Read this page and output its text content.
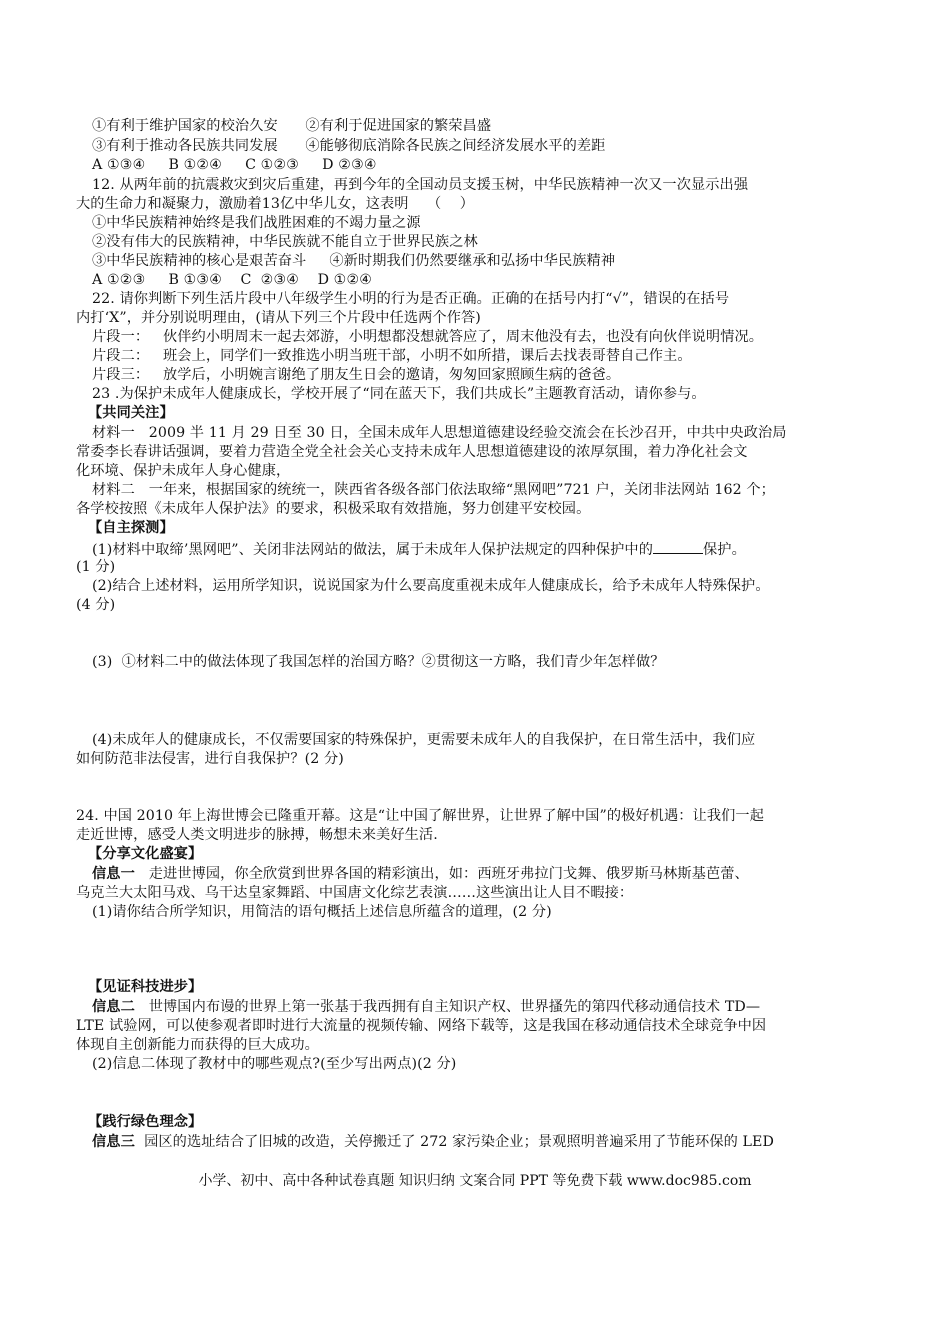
①有利于维护国家的校治久安      ②有利于促进国家的繁荣昌盛
③有利于推动各民族共同发展      ④能够彻底消除各民族之间经济发展水平的差距
A ①③④     B ①②④     C ①②③     D ②③④
12. 从两年前的抗震救灾到灾后重建，再到今年的全国动员支援玉树，中华民族精神一次又一次显示出强
大的生命力和凝聚力，激励着13亿中华儿女，这表明    （    ）
①中华民族精神始终是我们战胜困难的不竭力量之源
②没有伟大的民族精神，中华民族就不能自立于世界民族之林
③中华民族精神的核心是艰苦奋斗     ④新时期我们仍然要继承和弘扬中华民族精神
A ①②③     B ①③④    C  ②③④    D ①②④
22. 请你判断下列生活片段中八年级学生小明的行为是否正确。正确的在括号内打“√”，错误的在括号
内打‘X”，并分别说明理由，(请从下列三个片段中任选两个作答)
片段一：   伙伴约小明周末一起去郊游，小明想都没想就答应了，周末他没有去，也没有向伙伴说明情况。
片段二：   班会上，同学们一致推选小明当班干部，小明不如所措，课后去找表哥替自己作主。
片段三：   放学后，小明婉言谢绝了朋友生日会的邀请，匆匆回家照顾生病的爸爸。
23 .为保护未成年人健康成长，学校开展了“同在蓝天下，我们共成长”主题教育活动，请你参与。
【共同关注】
材料一   2009 半 11 月 29 日至 30 日，全国未成年人思想道德建设经验交流会在长沙召开，中共中央政治局
常委李长春讲话强调，要着力营造全党全社会关心支持未成年人思想道德建设的浓厚氛围，着力净化社会文
化环境、保护未成年人身心健康，
材料二   一年来，根据国家的统统一，陕西省各级各部门依法取缔“黑网吧”721 户，关闭非法网站 162 个；
各学校按照《未成年人保护法》的要求，积极采取有效措施，努力创建平安校园。
【自主探测】
(1)材料中取缔’黑网吧”、关闭非法网站的做法，属于未成年人保护法规定的四种保护中的	保护。
(1 分)
(2)结合上述材料，运用所学知识，说说国家为什么要高度重视未成年人健康成长，给予未成年人特殊保护。
(4 分)
(3)  ①材料二中的做法体现了我国怎样的治国方略？②贯彻这一方略，我们青少年怎样做？
(4)未成年人的健康成长，不仅需要国家的特殊保护，更需要未成年人的自我保护，在日常生活中，我们应
如何防范非法侵害，进行自我保护？(2 分)
24. 中国 2010 年上海世博会已隆重开幕。这是“让中国了解世界，让世界了解中国”的极好机遇：让我们一起
走近世博，感受人类文明进步的脉搏，畅想未来美好生活.
【分享文化盛宴】
信息一   走进世博园，你全欣赏到世界各国的精彩演出，如：西班牙弗拉门戈舞、俄罗斯马林斯基芭蕾、
乌克兰大太阳马戏、乌干达皇家舞蹈、中国唐文化综艺表演……这些演出让人目不暇接：
(1)请你结合所学知识，用简洁的语句概括上述信息所蕴含的道理，(2 分)
【见证科技进步】
信息二   世博国内布谩的世界上第一张基于我西拥有自主知识产权、世界搔先的第四代移动通信技术 TD—
LTE 试验网，可以使参观者即时进行大流量的视频传输、网络下载等，这是我国在移动通信技术全球竞争中因
体现自主创新能力而获得的巨大成功。
(2)信息二体现了教材中的哪些观点?(至少写出两点)(2 分)
【践行绿色理念】
信息三  园区的选址结合了旧城的改造，关停搬迁了 272 家污染企业；景观照明普遍采用了节能环保的 LED
小学、初中、高中各种试卷真题 知识归纳 文案合同 PPT 等免费下载 www.doc985.com
